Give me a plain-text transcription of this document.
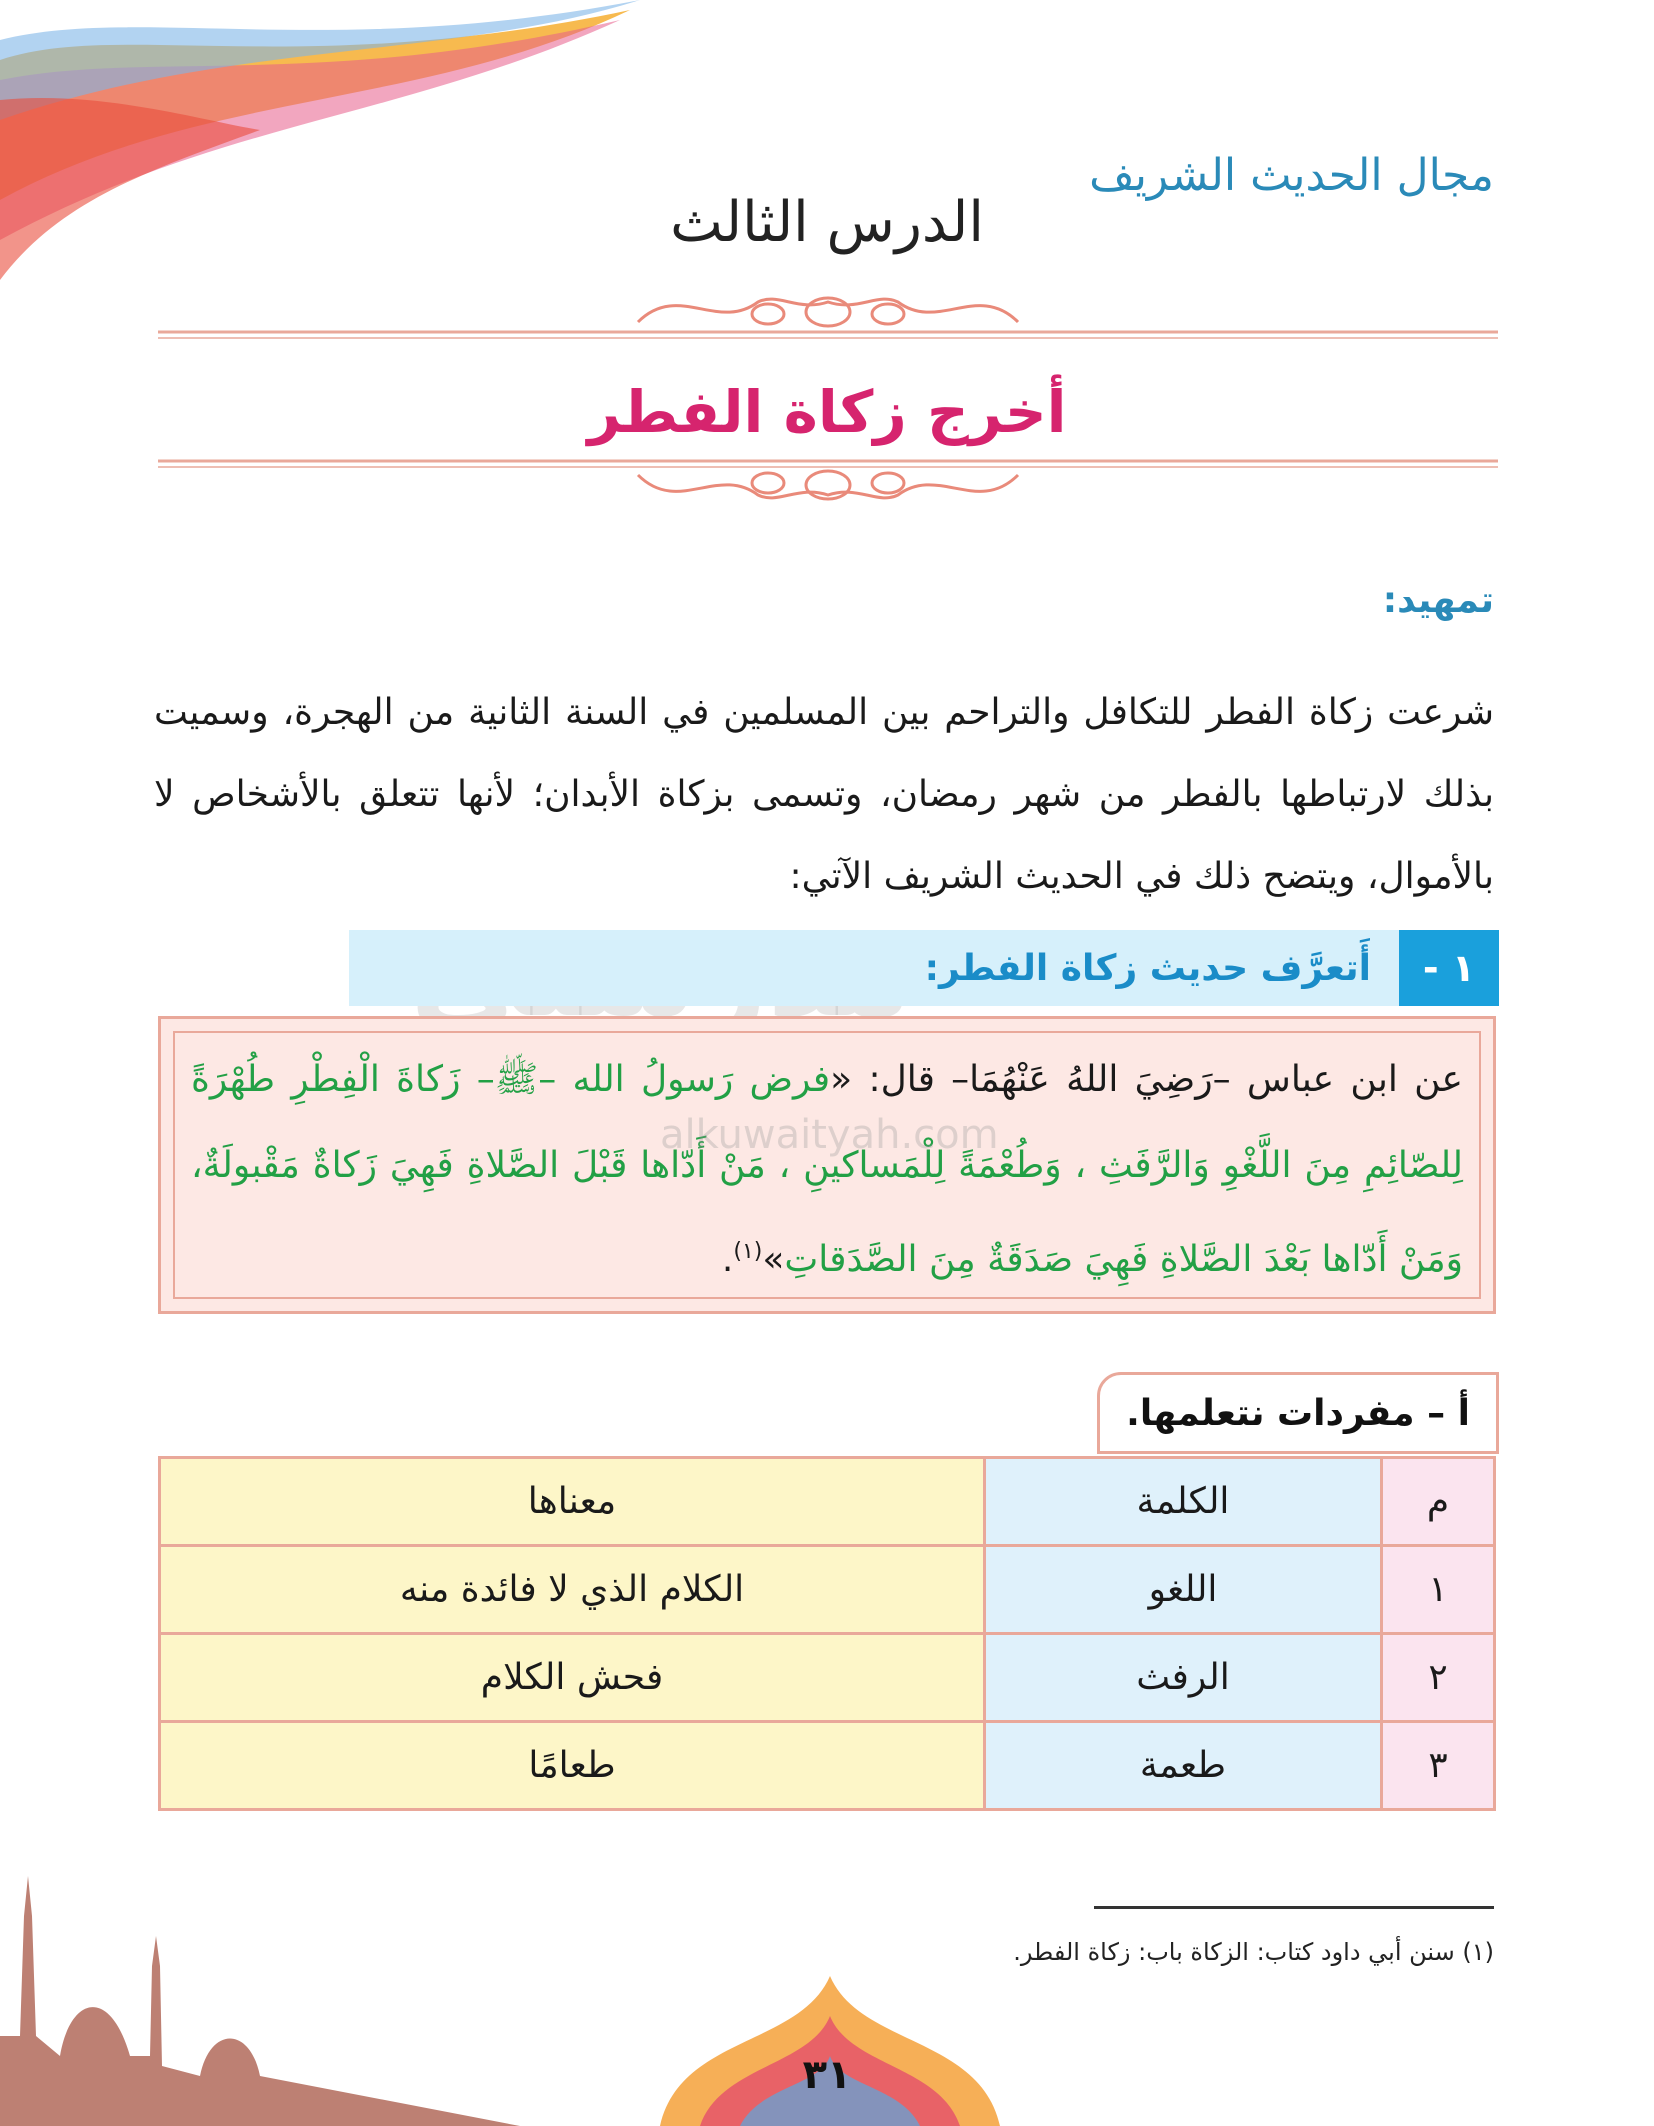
مجال الحديث الشريف
الدرس الثالث
أخرج زكاة الفطر
تمهيد:
شرعت زكاة الفطر للتكافل والتراحم بين المسلمين في السنة الثانية من الهجرة، وسميت بذلك لارتباطها بالفطر من شهر رمضان، وتسمى بزكاة الأبدان؛ لأنها تتعلق بالأشخاص لا بالأموال، ويتضح ذلك في الحديث الشريف الآتي:
١ -
أَتعرَّف حديث زكاة الفطر:
عن ابن عباس –رَضِيَ اللهُ عَنْهُمَا– قال: «فرض رَسولُ الله –ﷺ– زَكاةَ الْفِطْرِ طُهْرَةً لِلصّائِمِ مِنَ اللَّغْوِ وَالرَّفَثِ ، وَطُعْمَةً لِلْمَساكينِ ، مَنْ أَدّاها قَبْلَ الصَّلاةِ فَهِيَ زَكاةٌ مَقْبولَةٌ، وَمَنْ أَدّاها بَعْدَ الصَّلاةِ فَهِيَ صَدَقَةٌ مِنَ الصَّدَقاتِ»$^{(١)}$.
alkuwaityah.com
أ – مفردات نتعلمها.
م	الكلمة	معناها
١	اللغو	الكلام الذي لا فائدة منه
٢	الرفث	فحش الكلام
٣	طعمة	طعامًا
(١) سنن أبي داود كتاب: الزكاة باب: زكاة الفطر.
٣١
